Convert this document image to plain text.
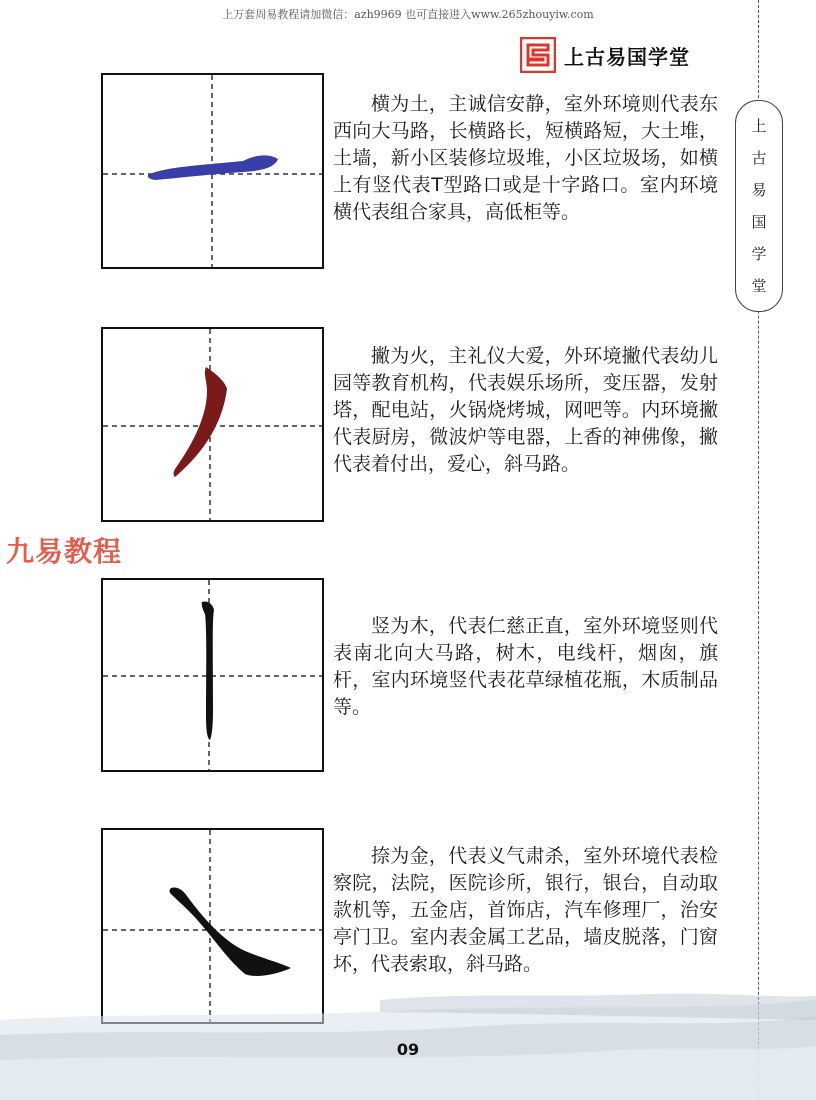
上万套周易教程请加微信：azh9969 也可直接进入www.265zhouyiw.com
上古易国学堂
上
古
易
国
学
堂

横为土，主诚信安静，室外环境则代表东西向大马路，长横路长，短横路短，大土堆，土墙，新小区装修垃圾堆，小区垃圾场，如横上有竖代表T型路口或是十字路口。室内环境横代表组合家具，高低柜等。

撇为火，主礼仪大爱，外环境撇代表幼儿园等教育机构，代表娱乐场所，变压器，发射塔，配电站，火锅烧烤城，网吧等。内环境撇代表厨房，微波炉等电器，上香的神佛像，撇代表着付出，爱心，斜马路。

九易教程

竖为木，代表仁慈正直，室外环境竖则代表南北向大马路，树木，电线杆，烟囱，旗杆，室内环境竖代表花草绿植花瓶，木质制品等。

捺为金，代表义气肃杀，室外环境代表检察院，法院，医院诊所，银行，银台，自动取款机等，五金店，首饰店，汽车修理厂，治安亭门卫。室内表金属工艺品，墙皮脱落，门窗坏，代表索取，斜马路。

09
